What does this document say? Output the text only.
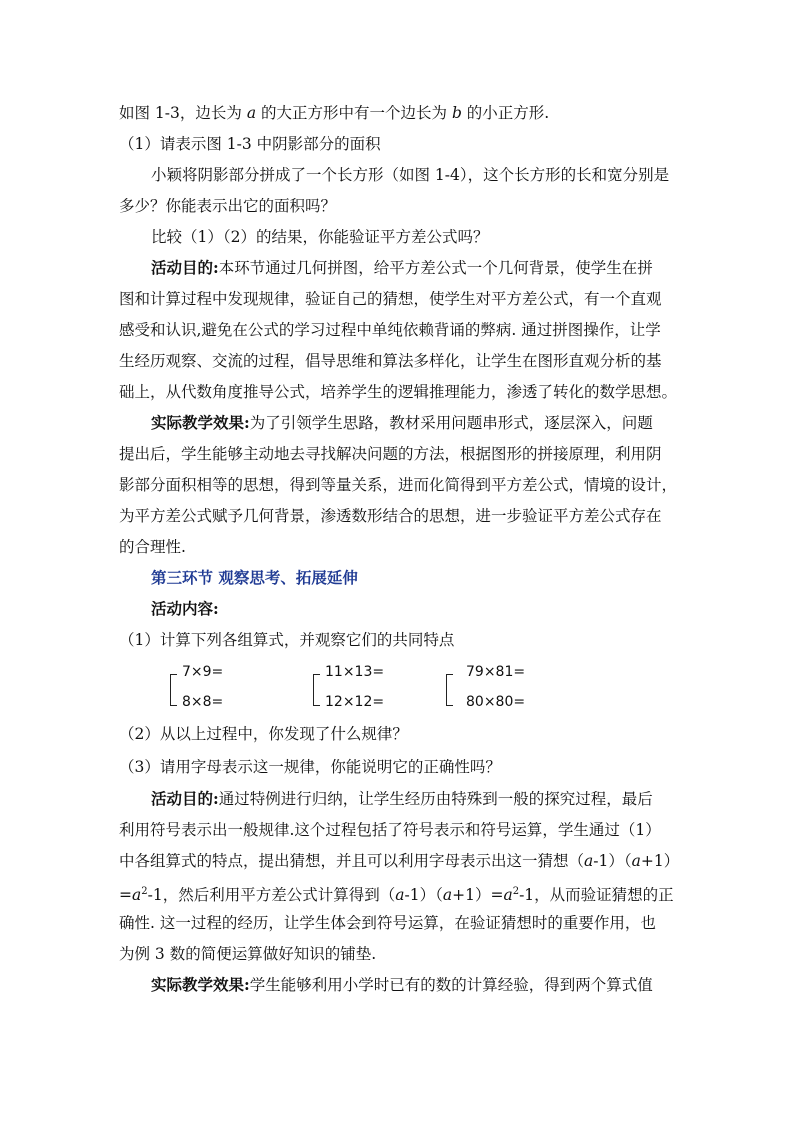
如图 1-3，边长为 a 的大正方形中有一个边长为 b 的小正方形.
（1）请表示图 1-3 中阴影部分的面积
小颖将阴影部分拼成了一个长方形（如图 1-4），这个长方形的长和宽分别是
多少？你能表示出它的面积吗？
比较（1）（2）的结果，你能验证平方差公式吗？
活动目的:本环节通过几何拼图，给平方差公式一个几何背景，使学生在拼
图和计算过程中发现规律，验证自己的猜想，使学生对平方差公式，有一个直观
感受和认识,避免在公式的学习过程中单纯依赖背诵的弊病. 通过拼图操作，让学
生经历观察、交流的过程，倡导思维和算法多样化，让学生在图形直观分析的基
础上，从代数角度推导公式，培养学生的逻辑推理能力，渗透了转化的数学思想。
实际教学效果:为了引领学生思路，教材采用问题串形式，逐层深入，问题
提出后，学生能够主动地去寻找解决问题的方法，根据图形的拼接原理，利用阴
影部分面积相等的思想，得到等量关系，进而化简得到平方差公式，情境的设计，
为平方差公式赋予几何背景，渗透数形结合的思想，进一步验证平方差公式存在
的合理性.
第三环节 观察思考、拓展延伸
活动内容:
（1）计算下列各组算式，并观察它们的共同特点
7×9=
8×8=
11×13=
12×12=
79×81=
80×80=
（2）从以上过程中，你发现了什么规律？
（3）请用字母表示这一规律，你能说明它的正确性吗？
活动目的:通过特例进行归纳，让学生经历由特殊到一般的探究过程，最后
利用符号表示出一般规律.这个过程包括了符号表示和符号运算，学生通过（1）
中各组算式的特点，提出猜想，并且可以利用字母表示出这一猜想（a-1）（a+1）
$=a^2-1$，然后利用平方差公式计算得到$(a-1)(a+1)=a^2-1$，从而验证猜想的正
确性. 这一过程的经历，让学生体会到符号运算，在验证猜想时的重要作用，也
为例 3 数的简便运算做好知识的铺垫.
实际教学效果:学生能够利用小学时已有的数的计算经验，得到两个算式值
